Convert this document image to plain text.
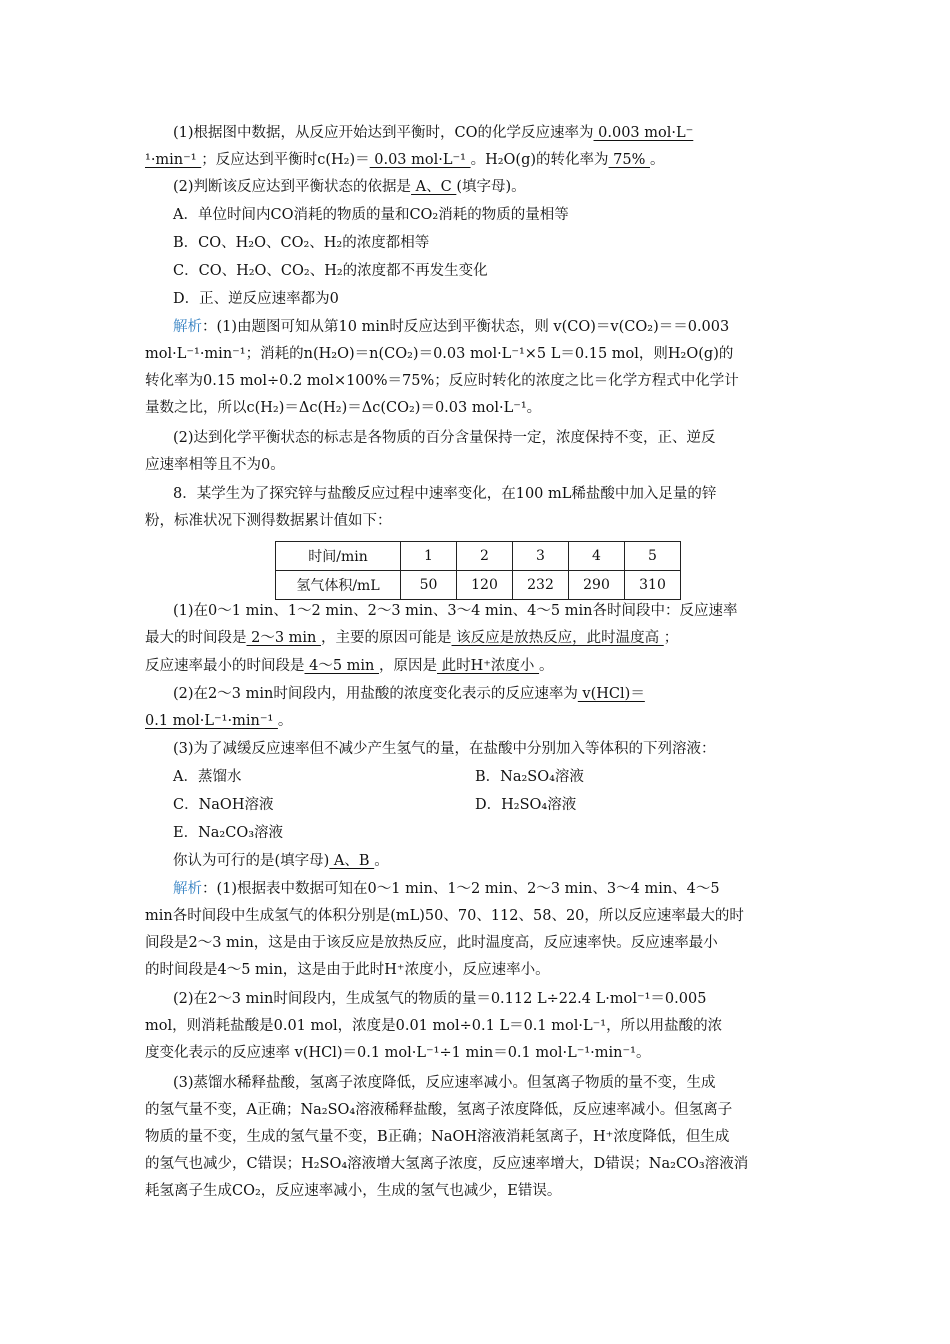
(1)根据图中数据，从反应开始达到平衡时，CO的化学反应速率为 0.003 mol·L⁻
¹·min⁻¹ ；反应达到平衡时c(H₂)＝ 0.03 mol·L⁻¹ 。H₂O(g)的转化率为 75% 。
(2)判断该反应达到平衡状态的依据是 A、C (填字母)。
A．单位时间内CO消耗的物质的量和CO₂消耗的物质的量相等
B．CO、H₂O、CO₂、H₂的浓度都相等
C．CO、H₂O、CO₂、H₂的浓度都不再发生变化
D．正、逆反应速率都为0
解析：(1)由题图可知从第10 min时反应达到平衡状态，则 v(CO)＝v(CO₂)＝＝0.003
mol·L⁻¹·min⁻¹；消耗的n(H₂O)＝n(CO₂)＝0.03 mol·L⁻¹×5 L＝0.15 mol，则H₂O(g)的
转化率为0.15 mol÷0.2 mol×100%＝75%；反应时转化的浓度之比＝化学方程式中化学计
量数之比，所以c(H₂)＝Δc(H₂)＝Δc(CO₂)＝0.03 mol·L⁻¹。
(2)达到化学平衡状态的标志是各物质的百分含量保持一定，浓度保持不变，正、逆反
应速率相等且不为0。
8．某学生为了探究锌与盐酸反应过程中速率变化，在100 mL稀盐酸中加入足量的锌
粉，标准状况下测得数据累计值如下：
时间/min	1	2	3	4	5
氢气体积/mL	50	120	232	290	310
(1)在0～1 min、1～2 min、2～3 min、3～4 min、4～5 min各时间段中：反应速率
最大的时间段是 2～3 min ，主要的原因可能是 该反应是放热反应，此时温度高 ；
反应速率最小的时间段是 4～5 min ，原因是 此时H⁺浓度小 。
(2)在2～3 min时间段内，用盐酸的浓度变化表示的反应速率为 v(HCl)＝
0.1 mol·L⁻¹·min⁻¹ 。
(3)为了减缓反应速率但不减少产生氢气的量，在盐酸中分别加入等体积的下列溶液：
A．蒸馏水	B．Na₂SO₄溶液
C．NaOH溶液	D．H₂SO₄溶液
E．Na₂CO₃溶液
你认为可行的是(填字母) A、B 。
解析：(1)根据表中数据可知在0～1 min、1～2 min、2～3 min、3～4 min、4～5
min各时间段中生成氢气的体积分别是(mL)50、70、112、58、20，所以反应速率最大的时
间段是2～3 min，这是由于该反应是放热反应，此时温度高，反应速率快。反应速率最小
的时间段是4～5 min，这是由于此时H⁺浓度小，反应速率小。
(2)在2～3 min时间段内，生成氢气的物质的量＝0.112 L÷22.4 L·mol⁻¹＝0.005
mol，则消耗盐酸是0.01 mol，浓度是0.01 mol÷0.1 L＝0.1 mol·L⁻¹，所以用盐酸的浓
度变化表示的反应速率 v(HCl)＝0.1 mol·L⁻¹÷1 min＝0.1 mol·L⁻¹·min⁻¹。
(3)蒸馏水稀释盐酸，氢离子浓度降低，反应速率减小。但氢离子物质的量不变，生成
的氢气量不变，A正确；Na₂SO₄溶液稀释盐酸，氢离子浓度降低，反应速率减小。但氢离子
物质的量不变，生成的氢气量不变，B正确；NaOH溶液消耗氢离子，H⁺浓度降低，但生成
的氢气也减少，C错误；H₂SO₄溶液增大氢离子浓度，反应速率增大，D错误；Na₂CO₃溶液消
耗氢离子生成CO₂，反应速率减小，生成的氢气也减少，E错误。
